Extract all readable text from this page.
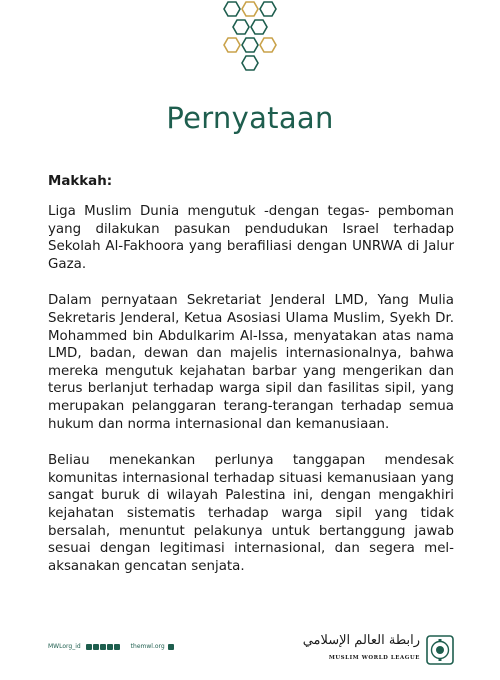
Pernyataan
Makkah:

Liga Muslim Dunia mengutuk -dengan tegas- pemboman yang dilakukan pasukan pendudukan Israel terhadap Sekolah Al-Fakhoora yang berafiliasi dengan UNRWA di Jalur Gaza.

Dalam pernyataan Sekretariat Jenderal LMD, Yang Mulia Sekretaris Jenderal, Ketua Asosiasi Ulama Muslim, Syekh Dr. Mohammed bin Abdulkarim Al-Issa, menyatakan atas nama LMD, badan, dewan dan majelis internasionalnya, bahwa mereka mengutuk kejahatan barbar yang mengerikan dan terus berlanjut terhadap warga sipil dan fasilitas sipil, yang merupakan pelanggaran terang-terangan terhadap semua hukum dan norma internasional dan kemanusiaan.

Beliau menekankan perlunya tanggapan mendesak komunitas internasional terhadap situasi kemanusiaan yang sangat buruk di wilayah Palestina ini, dengan mengakhiri kejahatan sistematis terhadap warga sipil yang tidak bersalah, menuntut pelakunya untuk bertanggung jawab sesuai dengan legitimasi internasional, dan segera melaksanakan gencatan senjata.

MWLorg_id	themwl.org	رابطة العالم الإسلامي
MUSLIM WORLD LEAGUE
